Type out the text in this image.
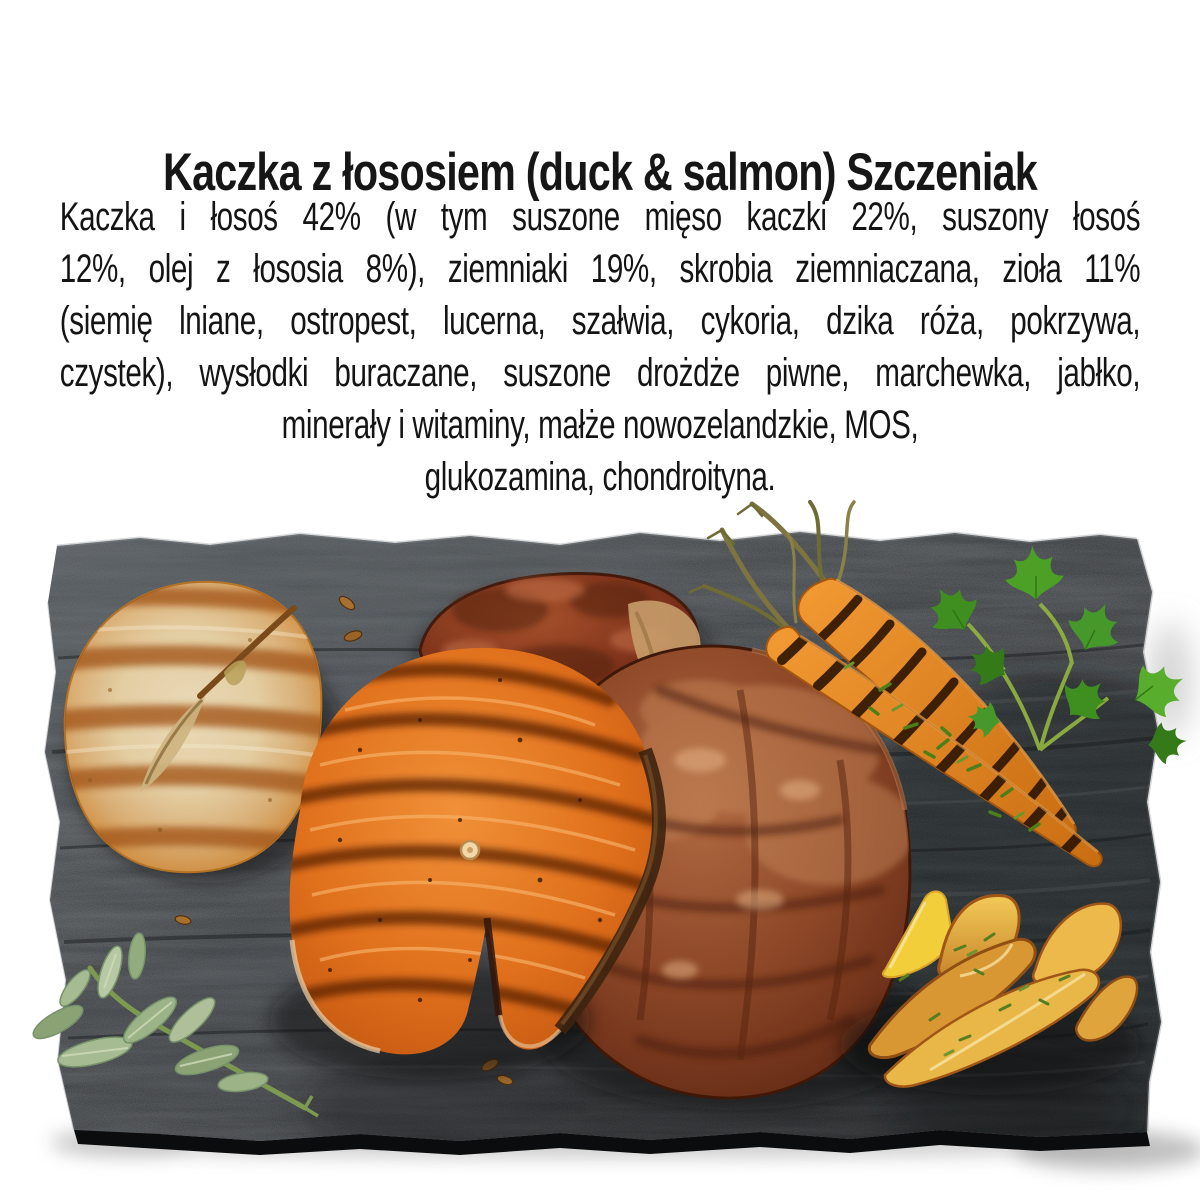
Kaczka z łososiem (duck & salmon) Szczeniak
Kaczka i łosoś 42% (w tym suszone mięso kaczki 22%, suszony łosoś
12%, olej z łososia 8%), ziemniaki 19%, skrobia ziemniaczana, zioła 11%
(siemię lniane, ostropest, lucerna, szałwia, cykoria, dzika róża, pokrzywa,
czystek), wysłodki buraczane, suszone drożdże piwne, marchewka, jabłko,
minerały i witaminy, małże nowozelandzkie, MOS,
glukozamina, chondroityna.
